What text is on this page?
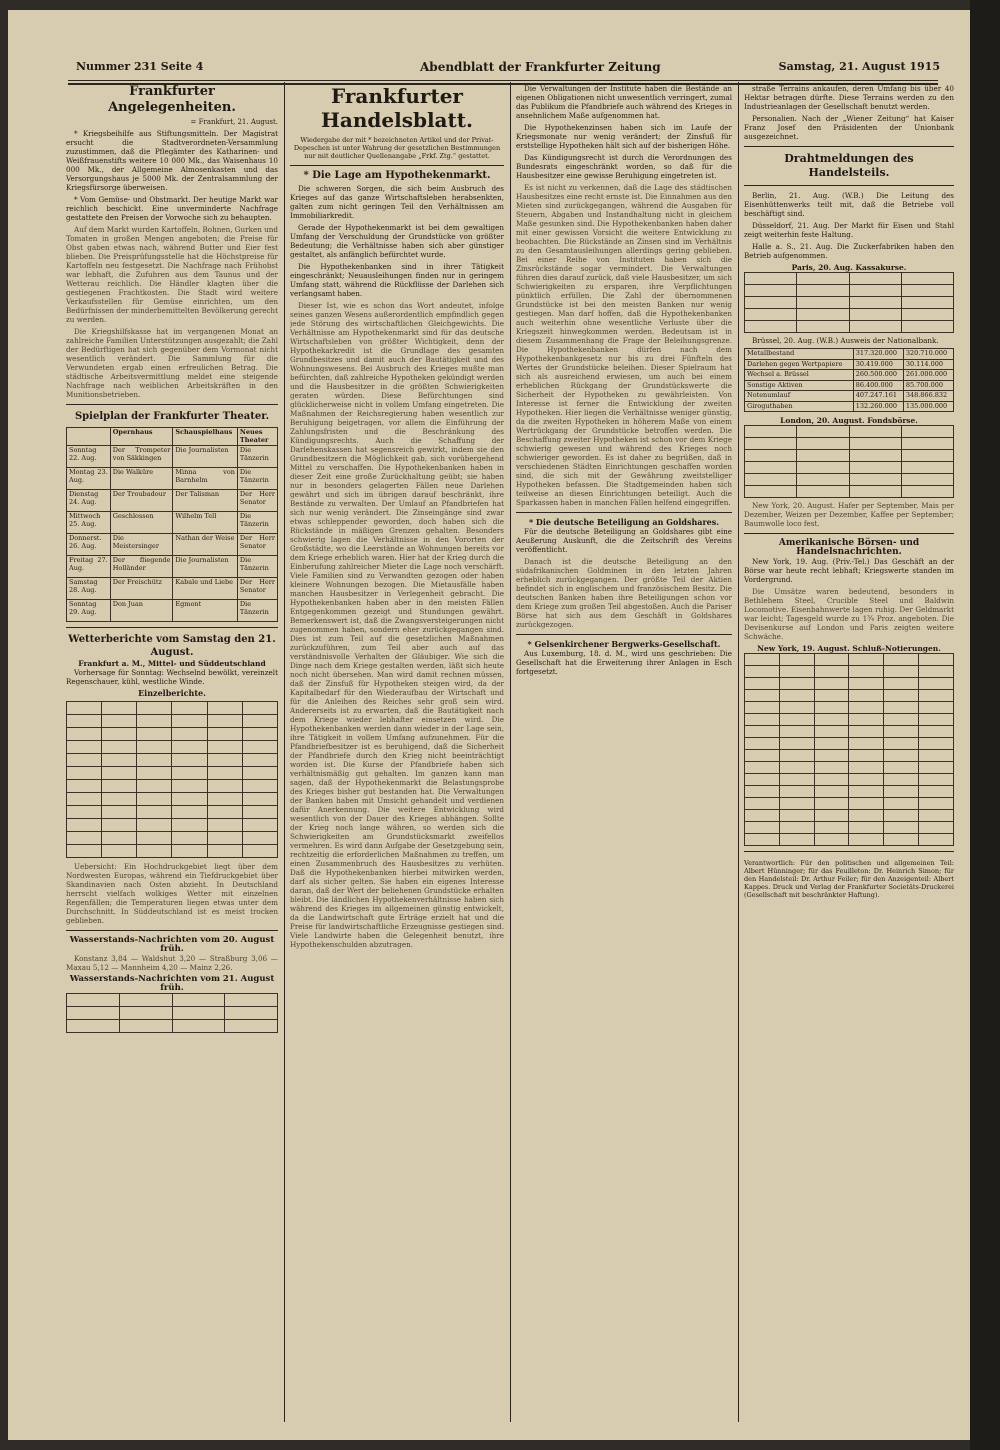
Nummer 231 Seite 4	Abendblatt der Frankfurter Zeitung	Samstag, 21. August 1915
Frankfurter Angelegenheiten.
= Frankfurt, 21. August.

* Kriegsbeihilfe aus Stiftungsmitteln. Der Magistrat ersucht die Stadtverordneten-Versammlung zuzustimmen, daß die Pflegämter des Katharinen- und Weißfrauenstifts weitere 10 000 Mk., das Waisenhaus 10 000 Mk., der Allgemeine Almosenkasten und das Versorgungshaus je 5000 Mk. der Zentralsammlung der Kriegsfürsorge überweisen.

* Vom Gemüse- und Obstmarkt. Der heutige Markt war reichlich beschickt. Eine unverminderte Nachfrage gestattete den Preisen der Vorwoche sich zu behaupten.

Auf dem Markt wurden Kartoffeln, Bohnen, Gurken und Tomaten in großen Mengen angeboten; die Preise für Obst gaben etwas nach, während Butter und Eier fest blieben. Die Preisprüfungsstelle hat die Höchstpreise für Kartoffeln neu festgesetzt. Die Nachfrage nach Frühobst war lebhaft, die Zufuhren aus dem Taunus und der Wetterau reichlich. Die Händler klagten über die gestiegenen Frachtkosten. Die Stadt wird weitere Verkaufsstellen für Gemüse einrichten, um den Bedürfnissen der minderbemittelten Bevölkerung gerecht zu werden.

Die Kriegshilfskasse hat im vergangenen Monat an zahlreiche Familien Unterstützungen ausgezahlt; die Zahl der Bedürftigen hat sich gegenüber dem Vormonat nicht wesentlich verändert. Die Sammlung für die Verwundeten ergab einen erfreulichen Betrag. Die städtische Arbeitsvermittlung meldet eine steigende Nachfrage nach weiblichen Arbeitskräften in den Munitionsbetrieben.

Spielplan der Frankfurter Theater.
	Opernhaus	Schauspielhaus	Neues Theater
Sonntag 22. Aug.	Der Trompeter von Säkkingen	Die Journalisten	Die Tänzerin
Montag 23. Aug.	Die Walküre	Minna von Barnhelm	Die Tänzerin
Dienstag 24. Aug.	Der Troubadour	Der Talisman	Der Herr Senator
Mittwoch 25. Aug.	Geschlossen	Wilhelm Tell	Die Tänzerin
Donnerst. 26. Aug.	Die Meistersinger	Nathan der Weise	Der Herr Senator
Freitag 27. Aug.	Der fliegende Holländer	Die Journalisten	Die Tänzerin
Samstag 28. Aug.	Der Freischütz	Kabale und Liebe	Der Herr Senator
Sonntag 29. Aug.	Don Juan	Egmont	Die Tänzerin
Wetterberichte vom Samstag den 21. August.
Frankfurt a. M., Mittel- und Süddeutschland

Vorhersage für Sonntag: Wechselnd bewölkt, vereinzelt Regenschauer, kühl, westliche Winde.

Einzelberichte.

Uebersicht: Ein Hochdruckgebiet liegt über dem Nordwesten Europas, während ein Tiefdruckgebiet über Skandinavien nach Osten abzieht. In Deutschland herrscht vielfach wolkiges Wetter mit einzelnen Regenfällen; die Temperaturen liegen etwas unter dem Durchschnitt. In Süddeutschland ist es meist trocken geblieben.

Wasserstands-Nachrichten vom 20. August früh.

Konstanz 3,84 — Waldshut 3,20 — Straßburg 3,06 — Maxau 5,12 — Mannheim 4,20 — Mainz 2,26.

Wasserstands-Nachrichten vom 21. August früh.

Frankfurter Handelsblatt.
Wiedergabe der mit * bezeichneten Artikel und der Privat-Depeschen ist unter Wahrung der gesetzlichen Bestimmungen nur mit deutlicher Quellenangabe „Frkf. Ztg.“ gestattet.
* Die Lage am Hypothekenmarkt.

Die schweren Sorgen, die sich beim Ausbruch des Krieges auf das ganze Wirtschaftsleben herabsenkten, galten zum nicht geringen Teil den Verhältnissen am Immobiliarkredit.

Gerade der Hypothekenmarkt ist bei dem gewaltigen Umfang der Verschuldung der Grundstücke von größter Bedeutung; die Verhältnisse haben sich aber günstiger gestaltet, als anfänglich befürchtet wurde.

Die Hypothekenbanken sind in ihrer Tätigkeit eingeschränkt; Neuausleihungen finden nur in geringem Umfang statt, während die Rückflüsse der Darlehen sich verlangsamt haben.

Dieser Ist, wie es schon das Wort andeutet, infolge seines ganzen Wesens außerordentlich empfindlich gegen jede Störung des wirtschaftlichen Gleichgewichts. Die Verhältnisse am Hypothekenmarkt sind für das deutsche Wirtschaftsleben von größter Wichtigkeit, denn der Hypothekarkredit ist die Grundlage des gesamten Grundbesitzes und damit auch der Bautätigkeit und des Wohnungswesens. Bei Ausbruch des Krieges mußte man befürchten, daß zahlreiche Hypotheken gekündigt werden und die Hausbesitzer in die größten Schwierigkeiten geraten würden. Diese Befürchtungen sind glücklicherweise nicht in vollem Umfang eingetreten. Die Maßnahmen der Reichsregierung haben wesentlich zur Beruhigung beigetragen, vor allem die Einführung der Zahlungsfristen und die Beschränkung des Kündigungsrechts. Auch die Schaffung der Darlehenskassen hat segensreich gewirkt, indem sie den Grundbesitzern die Möglichkeit gab, sich vorübergehend Mittel zu verschaffen. Die Hypothekenbanken haben in dieser Zeit eine große Zurückhaltung geübt; sie haben nur in besonders gelagerten Fällen neue Darlehen gewährt und sich im übrigen darauf beschränkt, ihre Bestände zu verwalten. Der Umlauf an Pfandbriefen hat sich nur wenig verändert. Die Zinseingänge sind zwar etwas schleppender geworden, doch haben sich die Rückstände in mäßigen Grenzen gehalten. Besonders schwierig lagen die Verhältnisse in den Vororten der Großstädte, wo die Leerstände an Wohnungen bereits vor dem Kriege erheblich waren. Hier hat der Krieg durch die Einberufung zahlreicher Mieter die Lage noch verschärft. Viele Familien sind zu Verwandten gezogen oder haben kleinere Wohnungen bezogen. Die Mietausfälle haben manchen Hausbesitzer in Verlegenheit gebracht. Die Hypothekenbanken haben aber in den meisten Fällen Entgegenkommen gezeigt und Stundungen gewährt. Bemerkenswert ist, daß die Zwangsversteigerungen nicht zugenommen haben, sondern eher zurückgegangen sind. Dies ist zum Teil auf die gesetzlichen Maßnahmen zurückzuführen, zum Teil aber auch auf das verständnisvolle Verhalten der Gläubiger. Wie sich die Dinge nach dem Kriege gestalten werden, läßt sich heute noch nicht übersehen. Man wird damit rechnen müssen, daß der Zinsfuß für Hypotheken steigen wird, da der Kapitalbedarf für den Wiederaufbau der Wirtschaft und für die Anleihen des Reiches sehr groß sein wird. Andererseits ist zu erwarten, daß die Bautätigkeit nach dem Kriege wieder lebhafter einsetzen wird. Die Hypothekenbanken werden dann wieder in der Lage sein, ihre Tätigkeit in vollem Umfang aufzunehmen. Für die Pfandbriefbesitzer ist es beruhigend, daß die Sicherheit der Pfandbriefe durch den Krieg nicht beeinträchtigt worden ist. Die Kurse der Pfandbriefe haben sich verhältnismäßig gut gehalten. Im ganzen kann man sagen, daß der Hypothekenmarkt die Belastungsprobe des Krieges bisher gut bestanden hat. Die Verwaltungen der Banken haben mit Umsicht gehandelt und verdienen dafür Anerkennung. Die weitere Entwicklung wird wesentlich von der Dauer des Krieges abhängen. Sollte der Krieg noch lange währen, so werden sich die Schwierigkeiten am Grundstücksmarkt zweifellos vermehren. Es wird dann Aufgabe der Gesetzgebung sein, rechtzeitig die erforderlichen Maßnahmen zu treffen, um einen Zusammenbruch des Hausbesitzes zu verhüten. Daß die Hypothekenbanken hierbei mitwirken werden, darf als sicher gelten. Sie haben ein eigenes Interesse daran, daß der Wert der beliehenen Grundstücke erhalten bleibt. Die ländlichen Hypothekenverhältnisse haben sich während des Krieges im allgemeinen günstig entwickelt, da die Landwirtschaft gute Erträge erzielt hat und die Preise für landwirtschaftliche Erzeugnisse gestiegen sind. Viele Landwirte haben die Gelegenheit benutzt, ihre Hypothekenschulden abzutragen.

Die Verwaltungen der Institute haben die Bestände an eigenen Obligationen nicht unwesentlich verringert, zumal das Publikum die Pfandbriefe auch während des Krieges in ansehnlichem Maße aufgenommen hat.

Die Hypothekenzinsen haben sich im Laufe der Kriegsmonate nur wenig verändert; der Zinsfuß für erststellige Hypotheken hält sich auf der bisherigen Höhe.

Das Kündigungsrecht ist durch die Verordnungen des Bundesrats eingeschränkt worden, so daß für die Hausbesitzer eine gewisse Beruhigung eingetreten ist.

Es ist nicht zu verkennen, daß die Lage des städtischen Hausbesitzes eine recht ernste ist. Die Einnahmen aus den Mieten sind zurückgegangen, während die Ausgaben für Steuern, Abgaben und Instandhaltung nicht in gleichem Maße gesunken sind. Die Hypothekenbanken haben daher mit einer gewissen Vorsicht die weitere Entwicklung zu beobachten. Die Rückstände an Zinsen sind im Verhältnis zu den Gesamtausleihungen allerdings gering geblieben. Bei einer Reihe von Instituten haben sich die Zinsrückstände sogar vermindert. Die Verwaltungen führen dies darauf zurück, daß viele Hausbesitzer, um sich Schwierigkeiten zu ersparen, ihre Verpflichtungen pünktlich erfüllen. Die Zahl der übernommenen Grundstücke ist bei den meisten Banken nur wenig gestiegen. Man darf hoffen, daß die Hypothekenbanken auch weiterhin ohne wesentliche Verluste über die Kriegszeit hinwegkommen werden. Bedeutsam ist in diesem Zusammenhang die Frage der Beleihungsgrenze. Die Hypothekenbanken dürfen nach dem Hypothekenbankgesetz nur bis zu drei Fünfteln des Wertes der Grundstücke beleihen. Dieser Spielraum hat sich als ausreichend erwiesen, um auch bei einem erheblichen Rückgang der Grundstückswerte die Sicherheit der Hypotheken zu gewährleisten. Von Interesse ist ferner die Entwicklung der zweiten Hypotheken. Hier liegen die Verhältnisse weniger günstig, da die zweiten Hypotheken in höherem Maße von einem Wertrückgang der Grundstücke betroffen werden. Die Beschaffung zweiter Hypotheken ist schon vor dem Kriege schwierig gewesen und während des Krieges noch schwieriger geworden. Es ist daher zu begrüßen, daß in verschiedenen Städten Einrichtungen geschaffen worden sind, die sich mit der Gewährung zweitstelliger Hypotheken befassen. Die Stadtgemeinden haben sich teilweise an diesen Einrichtungen beteiligt. Auch die Sparkassen haben in manchen Fällen helfend eingegriffen.

* Die deutsche Beteiligung an Goldshares.

Für die deutsche Beteiligung an Goldshares gibt eine Aeußerung Auskunft, die die Zeitschrift des Vereins veröffentlicht.

Danach ist die deutsche Beteiligung an den südafrikanischen Goldminen in den letzten Jahren erheblich zurückgegangen. Der größte Teil der Aktien befindet sich in englischem und französischem Besitz. Die deutschen Banken haben ihre Beteiligungen schon vor dem Kriege zum großen Teil abgestoßen. Auch die Pariser Börse hat sich aus dem Geschäft in Goldshares zurückgezogen.

* Gelsenkirchener Bergwerks-Gesellschaft.

Aus Luxemburg, 18. d. M., wird uns geschrieben: Die Gesellschaft hat die Erweiterung ihrer Anlagen in Esch fortgesetzt.

straße Terrains ankaufen, deren Umfang bis über 40 Hektar betragen dürfte. Diese Terrains werden zu den Industrieanlagen der Gesellschaft benutzt werden.

Personalien. Nach der „Wiener Zeitung“ hat Kaiser Franz Josef den Präsidenten der Unionbank ausgezeichnet.

Drahtmeldungen des Handelsteils.

Berlin, 21. Aug. (W.B.) Die Leitung des Eisenhüttenwerks teilt mit, daß die Betriebe voll beschäftigt sind.

Düsseldorf, 21. Aug. Der Markt für Eisen und Stahl zeigt weiterhin feste Haltung.

Halle a. S., 21. Aug. Die Zuckerfabriken haben den Betrieb aufgenommen.

Paris, 20. Aug. Kassakurse.

Brüssel, 20. Aug. (W.B.) Ausweis der Nationalbank.

Metallbestand	317.320.000	320.710.000
Darlehen gegen Wertpapiere	30.419.000	30.114.000
Wechsel a. Brüssel	260.500.000	261.000.000
Sonstige Aktiven	86.400.000	85.700.000
Notenumlauf	407.247.161	348.866.832
Giroguthaben	132.260.000	135.000.000
London, 20. August. Fondsbörse.

New York, 20. August. Hafer per September, Mais per Dezember, Weizen per Dezember, Kaffee per September; Baumwolle loco fest.

Amerikanische Börsen- und Handelsnachrichten.

New York, 19. Aug. (Priv.-Tel.) Das Geschäft an der Börse war heute recht lebhaft; Kriegswerte standen im Vordergrund.

Die Umsätze waren bedeutend, besonders in Bethlehem Steel, Crucible Steel und Baldwin Locomotive. Eisenbahnwerte lagen ruhig. Der Geldmarkt war leicht; Tagesgeld wurde zu 1¾ Proz. angeboten. Die Devisenkurse auf London und Paris zeigten weitere Schwäche.

New York, 19. August. Schluß-Notierungen.

Verantwortlich: Für den politischen und allgemeinen Teil: Albert Hünninger; für das Feuilleton: Dr. Heinrich Simon; für den Handelsteil: Dr. Arthur Feiler; für den Anzeigenteil: Albert Kappes. Druck und Verlag der Frankfurter Societäts-Druckerei (Gesellschaft mit beschränkter Haftung).
